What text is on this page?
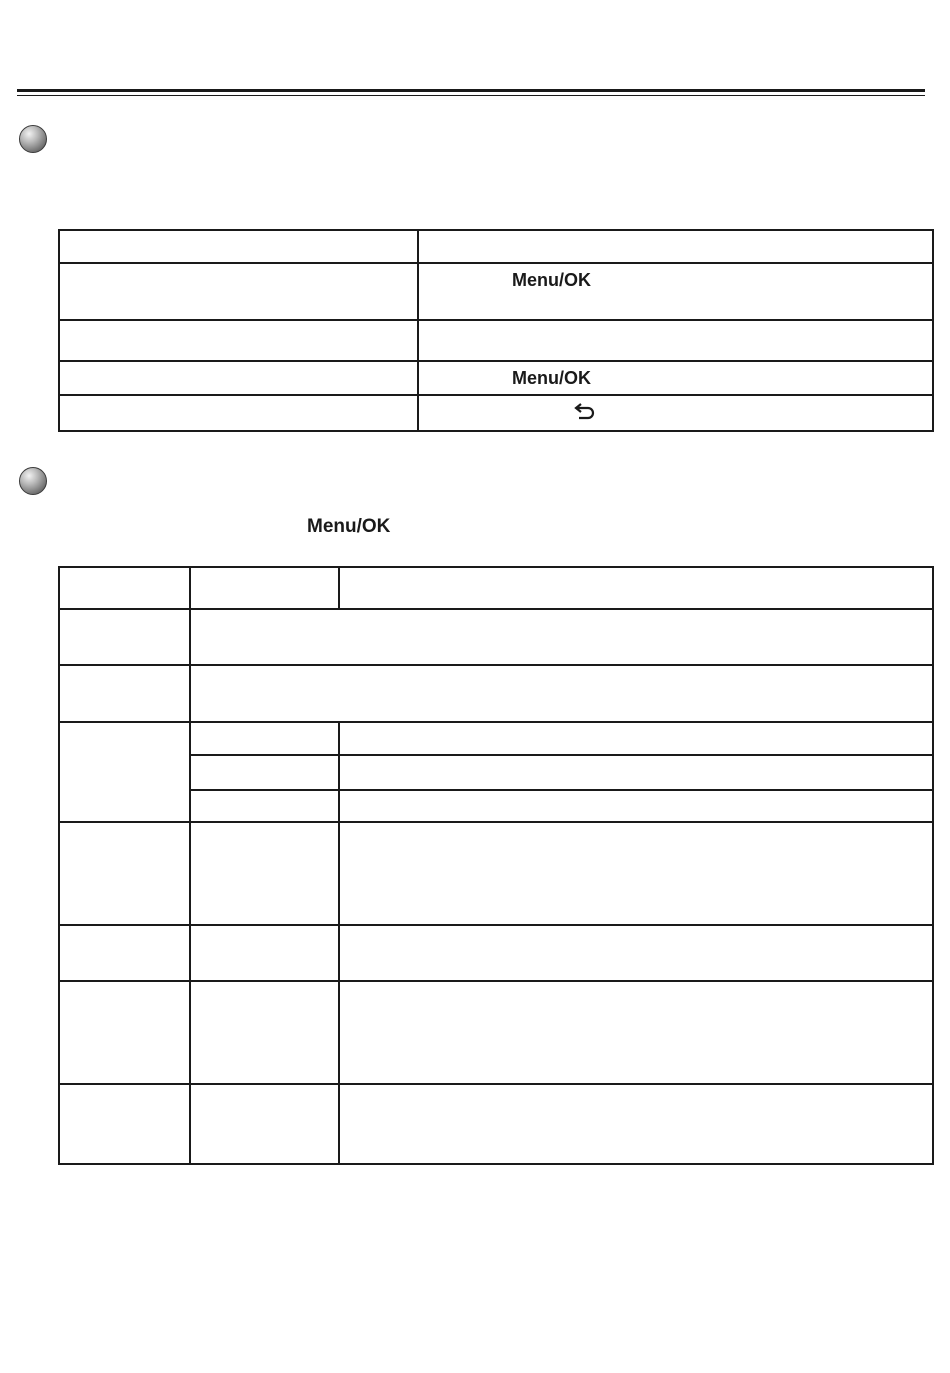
	Menu/OK

	Menu/OK

Menu/OK
